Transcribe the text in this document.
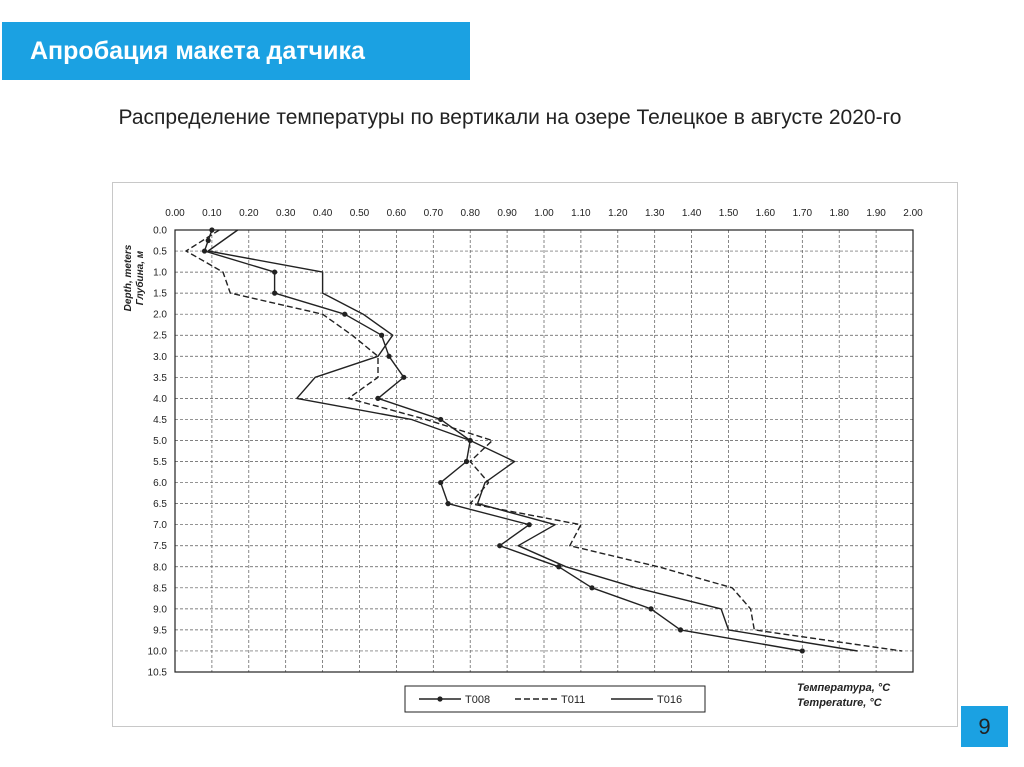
Апробация макета датчика
Распределение температуры по вертикали на озере Телецкое в августе 2020-го
0.00 0.10 0.20 0.30 0.40 0.50 0.60 0.70 0.80 0.90 1.00 1.10 1.20 1.30 1.40 1.50 1.60 1.70 1.80 1.90 2.00
0.0
0.5
1.0
1.5
2.0
2.5
3.0
3.5
4.0
4.5
5.0
5.5
6.0
6.5
7.0
7.5
8.0
8.5
9.0
9.5
10.0
10.5
Depth, meters Глубина, м
T008	T011	T016
Температура, °C
Temperature, °C
9
